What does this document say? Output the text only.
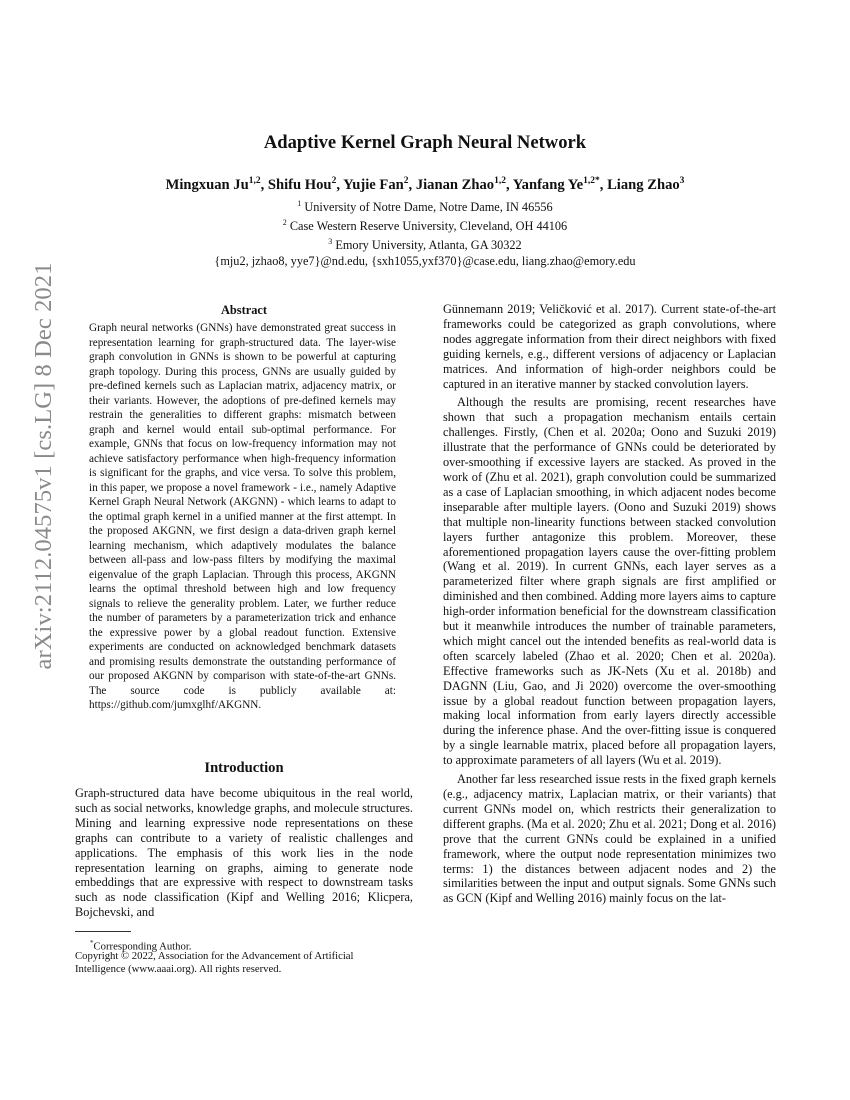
arXiv:2112.04575v1 [cs.LG] 8 Dec 2021
Adaptive Kernel Graph Neural Network
Mingxuan Ju$^{1,2}$, Shifu Hou$^2$, Yujie Fan$^2$, Jianan Zhao$^{1,2}$, Yanfang $Ye^{1,2*}$, Liang Zhao$^3$
$^1$ University of Notre Dame, Notre Dame, IN 46556
$^2$ Case Western Reserve University, Cleveland, OH 44106
$^3$ Emory University, Atlanta, GA 30322
{mju2, jzhao8, yye7}@nd.edu, {sxh1055,yxf370}@case.edu, liang.zhao@emory.edu
Abstract
Graph neural networks (GNNs) have demonstrated great success in representation learning for graph-structured data. The layer-wise graph convolution in GNNs is shown to be powerful at capturing graph topology. During this process, GNNs are usually guided by pre-defined kernels such as Laplacian matrix, adjacency matrix, or their variants. However, the adoptions of pre-defined kernels may restrain the generalities to different graphs: mismatch between graph and kernel would entail sub-optimal performance. For example, GNNs that focus on low-frequency information may not achieve satisfactory performance when high-frequency information is significant for the graphs, and vice versa. To solve this problem, in this paper, we propose a novel framework - i.e., namely Adaptive Kernel Graph Neural Network (AKGNN) - which learns to adapt to the optimal graph kernel in a unified manner at the first attempt. In the proposed AKGNN, we first design a data-driven graph kernel learning mechanism, which adaptively modulates the balance between all-pass and low-pass filters by modifying the maximal eigenvalue of the graph Laplacian. Through this process, AKGNN learns the optimal threshold between high and low frequency signals to relieve the generality problem. Later, we further reduce the number of parameters by a parameterization trick and enhance the expressive power by a global readout function. Extensive experiments are conducted on acknowledged benchmark datasets and promising results demonstrate the outstanding performance of our proposed AKGNN by comparison with state-of-the-art GNNs. The source code is publicly available at: https://github.com/jumxglhf/AKGNN.
Introduction

Graph-structured data have become ubiquitous in the real world, such as social networks, knowledge graphs, and molecule structures. Mining and learning expressive node representations on these graphs can contribute to a variety of realistic challenges and applications. The emphasis of this work lies in the node representation learning on graphs, aiming to generate node embeddings that are expressive with respect to downstream tasks such as node classification (Kipf and Welling 2016; Klicpera, Bojchevski, and

*Corresponding Author.
Copyright © 2022, Association for the Advancement of Artificial Intelligence (www.aaai.org). All rights reserved.

Günnemann 2019; Veličković et al. 2017). Current state-of-the-art frameworks could be categorized as graph convolutions, where nodes aggregate information from their direct neighbors with fixed guiding kernels, e.g., different versions of adjacency or Laplacian matrices. And information of high-order neighbors could be captured in an iterative manner by stacked convolution layers.

Although the results are promising, recent researches have shown that such a propagation mechanism entails certain challenges. Firstly, (Chen et al. 2020a; Oono and Suzuki 2019) illustrate that the performance of GNNs could be deteriorated by over-smoothing if excessive layers are stacked. As proved in the work of (Zhu et al. 2021), graph convolution could be summarized as a case of Laplacian smoothing, in which adjacent nodes become inseparable after multiple layers. (Oono and Suzuki 2019) shows that multiple non-linearity functions between stacked convolution layers further antagonize this problem. Moreover, these aforementioned propagation layers cause the over-fitting problem (Wang et al. 2019). In current GNNs, each layer serves as a parameterized filter where graph signals are first amplified or diminished and then combined. Adding more layers aims to capture high-order information beneficial for the downstream classification but it meanwhile introduces the number of trainable parameters, which might cancel out the intended benefits as real-world data is often scarcely labeled (Zhao et al. 2020; Chen et al. 2020a). Effective frameworks such as JK-Nets (Xu et al. 2018b) and DAGNN (Liu, Gao, and Ji 2020) overcome the over-smoothing issue by a global readout function between propagation layers, making local information from early layers directly accessible during the inference phase. And the over-fitting issue is conquered by a single learnable matrix, placed before all propagation layers, to approximate parameters of all layers (Wu et al. 2019).

Another far less researched issue rests in the fixed graph kernels (e.g., adjacency matrix, Laplacian matrix, or their variants) that current GNNs model on, which restricts their generalization to different graphs. (Ma et al. 2020; Zhu et al. 2021; Dong et al. 2016) prove that the current GNNs could be explained in a unified framework, where the output node representation minimizes two terms: 1) the distances between adjacent nodes and 2) the similarities between the input and output signals. Some GNNs such as GCN (Kipf and Welling 2016) mainly focus on the lat-
